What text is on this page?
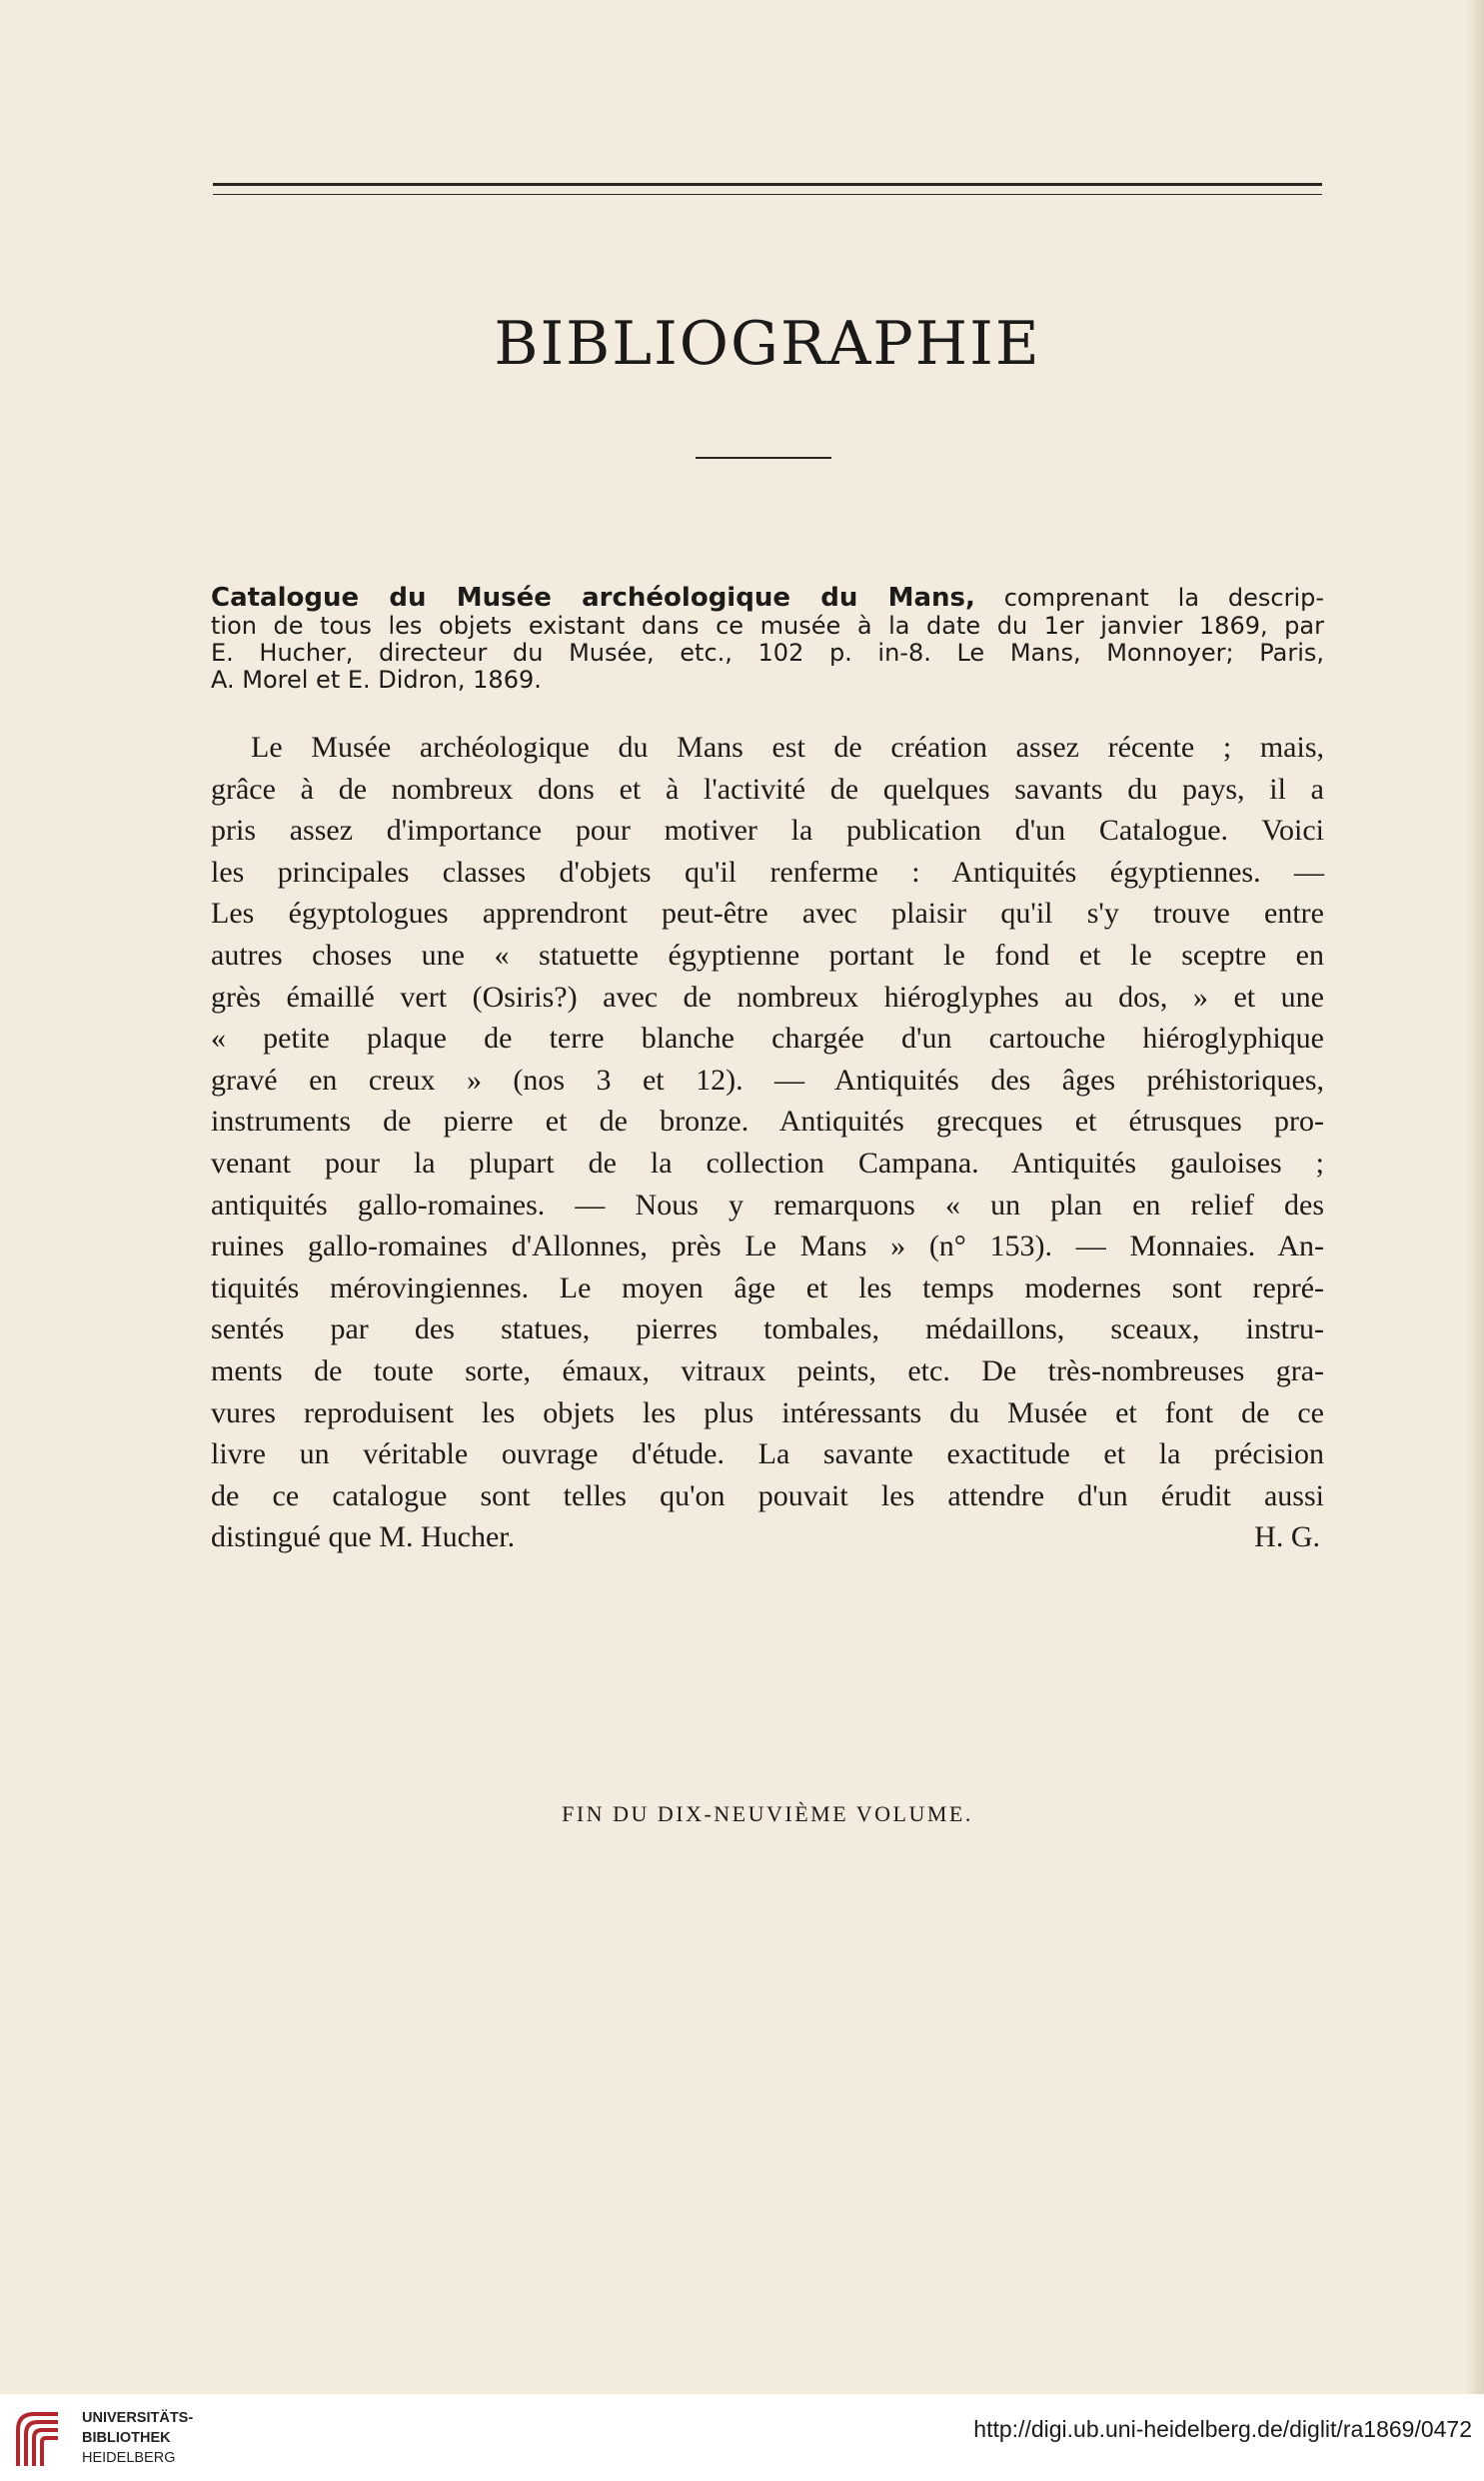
BIBLIOGRAPHIE
Catalogue du Musée archéologique du Mans, comprenant la descrip-
tion de tous les objets existant dans ce musée à la date du 1er janvier 1869, par
E. Hucher, directeur du Musée, etc., 102 p. in-8. Le Mans, Monnoyer; Paris,
A. Morel et E. Didron, 1869.
Le Musée archéologique du Mans est de création assez récente ; mais,
grâce à de nombreux dons et à l'activité de quelques savants du pays, il a
pris assez d'importance pour motiver la publication d'un Catalogue. Voici
les principales classes d'objets qu'il renferme : Antiquités égyptiennes. —
Les égyptologues apprendront peut-être avec plaisir qu'il s'y trouve entre
autres choses une « statuette égyptienne portant le fond et le sceptre en
grès émaillé vert (Osiris?) avec de nombreux hiéroglyphes au dos, » et une
« petite plaque de terre blanche chargée d'un cartouche hiéroglyphique
gravé en creux » (nos 3 et 12). — Antiquités des âges préhistoriques,
instruments de pierre et de bronze. Antiquités grecques et étrusques pro-
venant pour la plupart de la collection Campana. Antiquités gauloises ;
antiquités gallo-romaines. — Nous y remarquons « un plan en relief des
ruines gallo-romaines d'Allonnes, près Le Mans » (n° 153). — Monnaies. An-
tiquités mérovingiennes. Le moyen âge et les temps modernes sont repré-
sentés par des statues, pierres tombales, médaillons, sceaux, instru-
ments de toute sorte, émaux, vitraux peints, etc. De très-nombreuses gra-
vures reproduisent les objets les plus intéressants du Musée et font de ce
livre un véritable ouvrage d'étude. La savante exactitude et la précision
de ce catalogue sont telles qu'on pouvait les attendre d'un érudit aussi
distingué que M. Hucher.	H. G.
FIN DU DIX-NEUVIÈME VOLUME.
UNIVERSITÄTS-
BIBLIOTHEK
HEIDELBERG
http://digi.ub.uni-heidelberg.de/diglit/ra1869/0472
